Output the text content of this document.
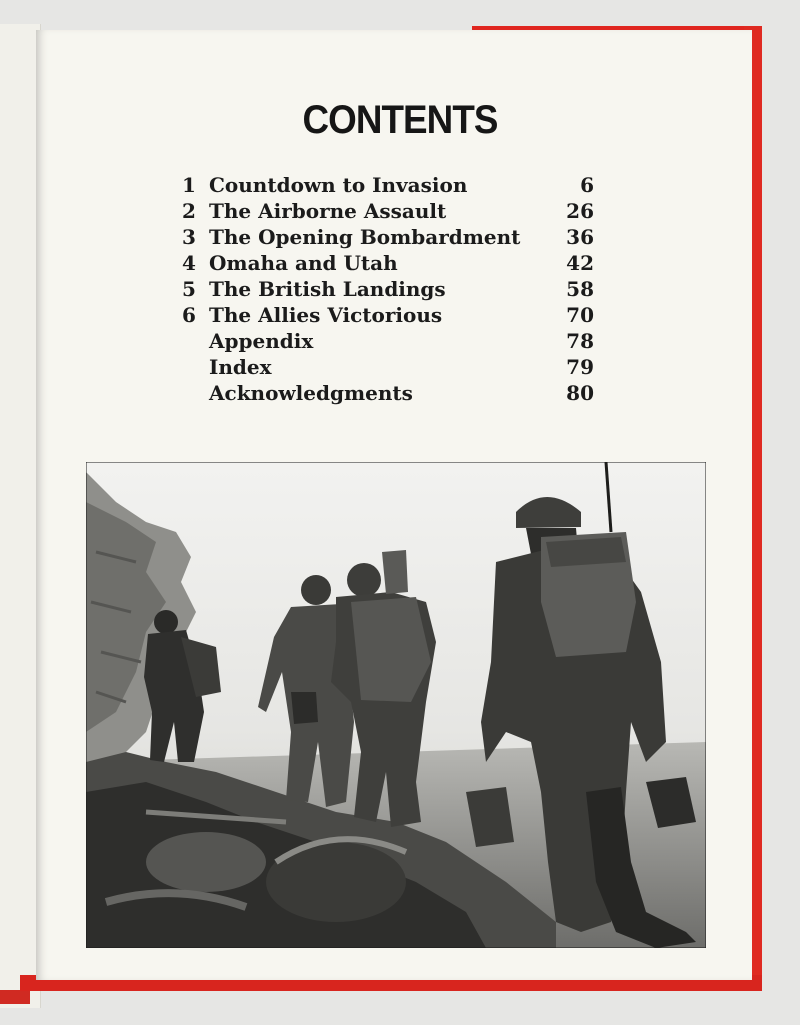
CONTENTS
1 Countdown to Invasion	6
2 The Airborne Assault	26
3 The Opening Bombardment 36
4 Omaha and Utah	42
5 The British Landings	58
6 The Allies Victorious	70
Appendix	78
Index	79
Acknowledgments	80
